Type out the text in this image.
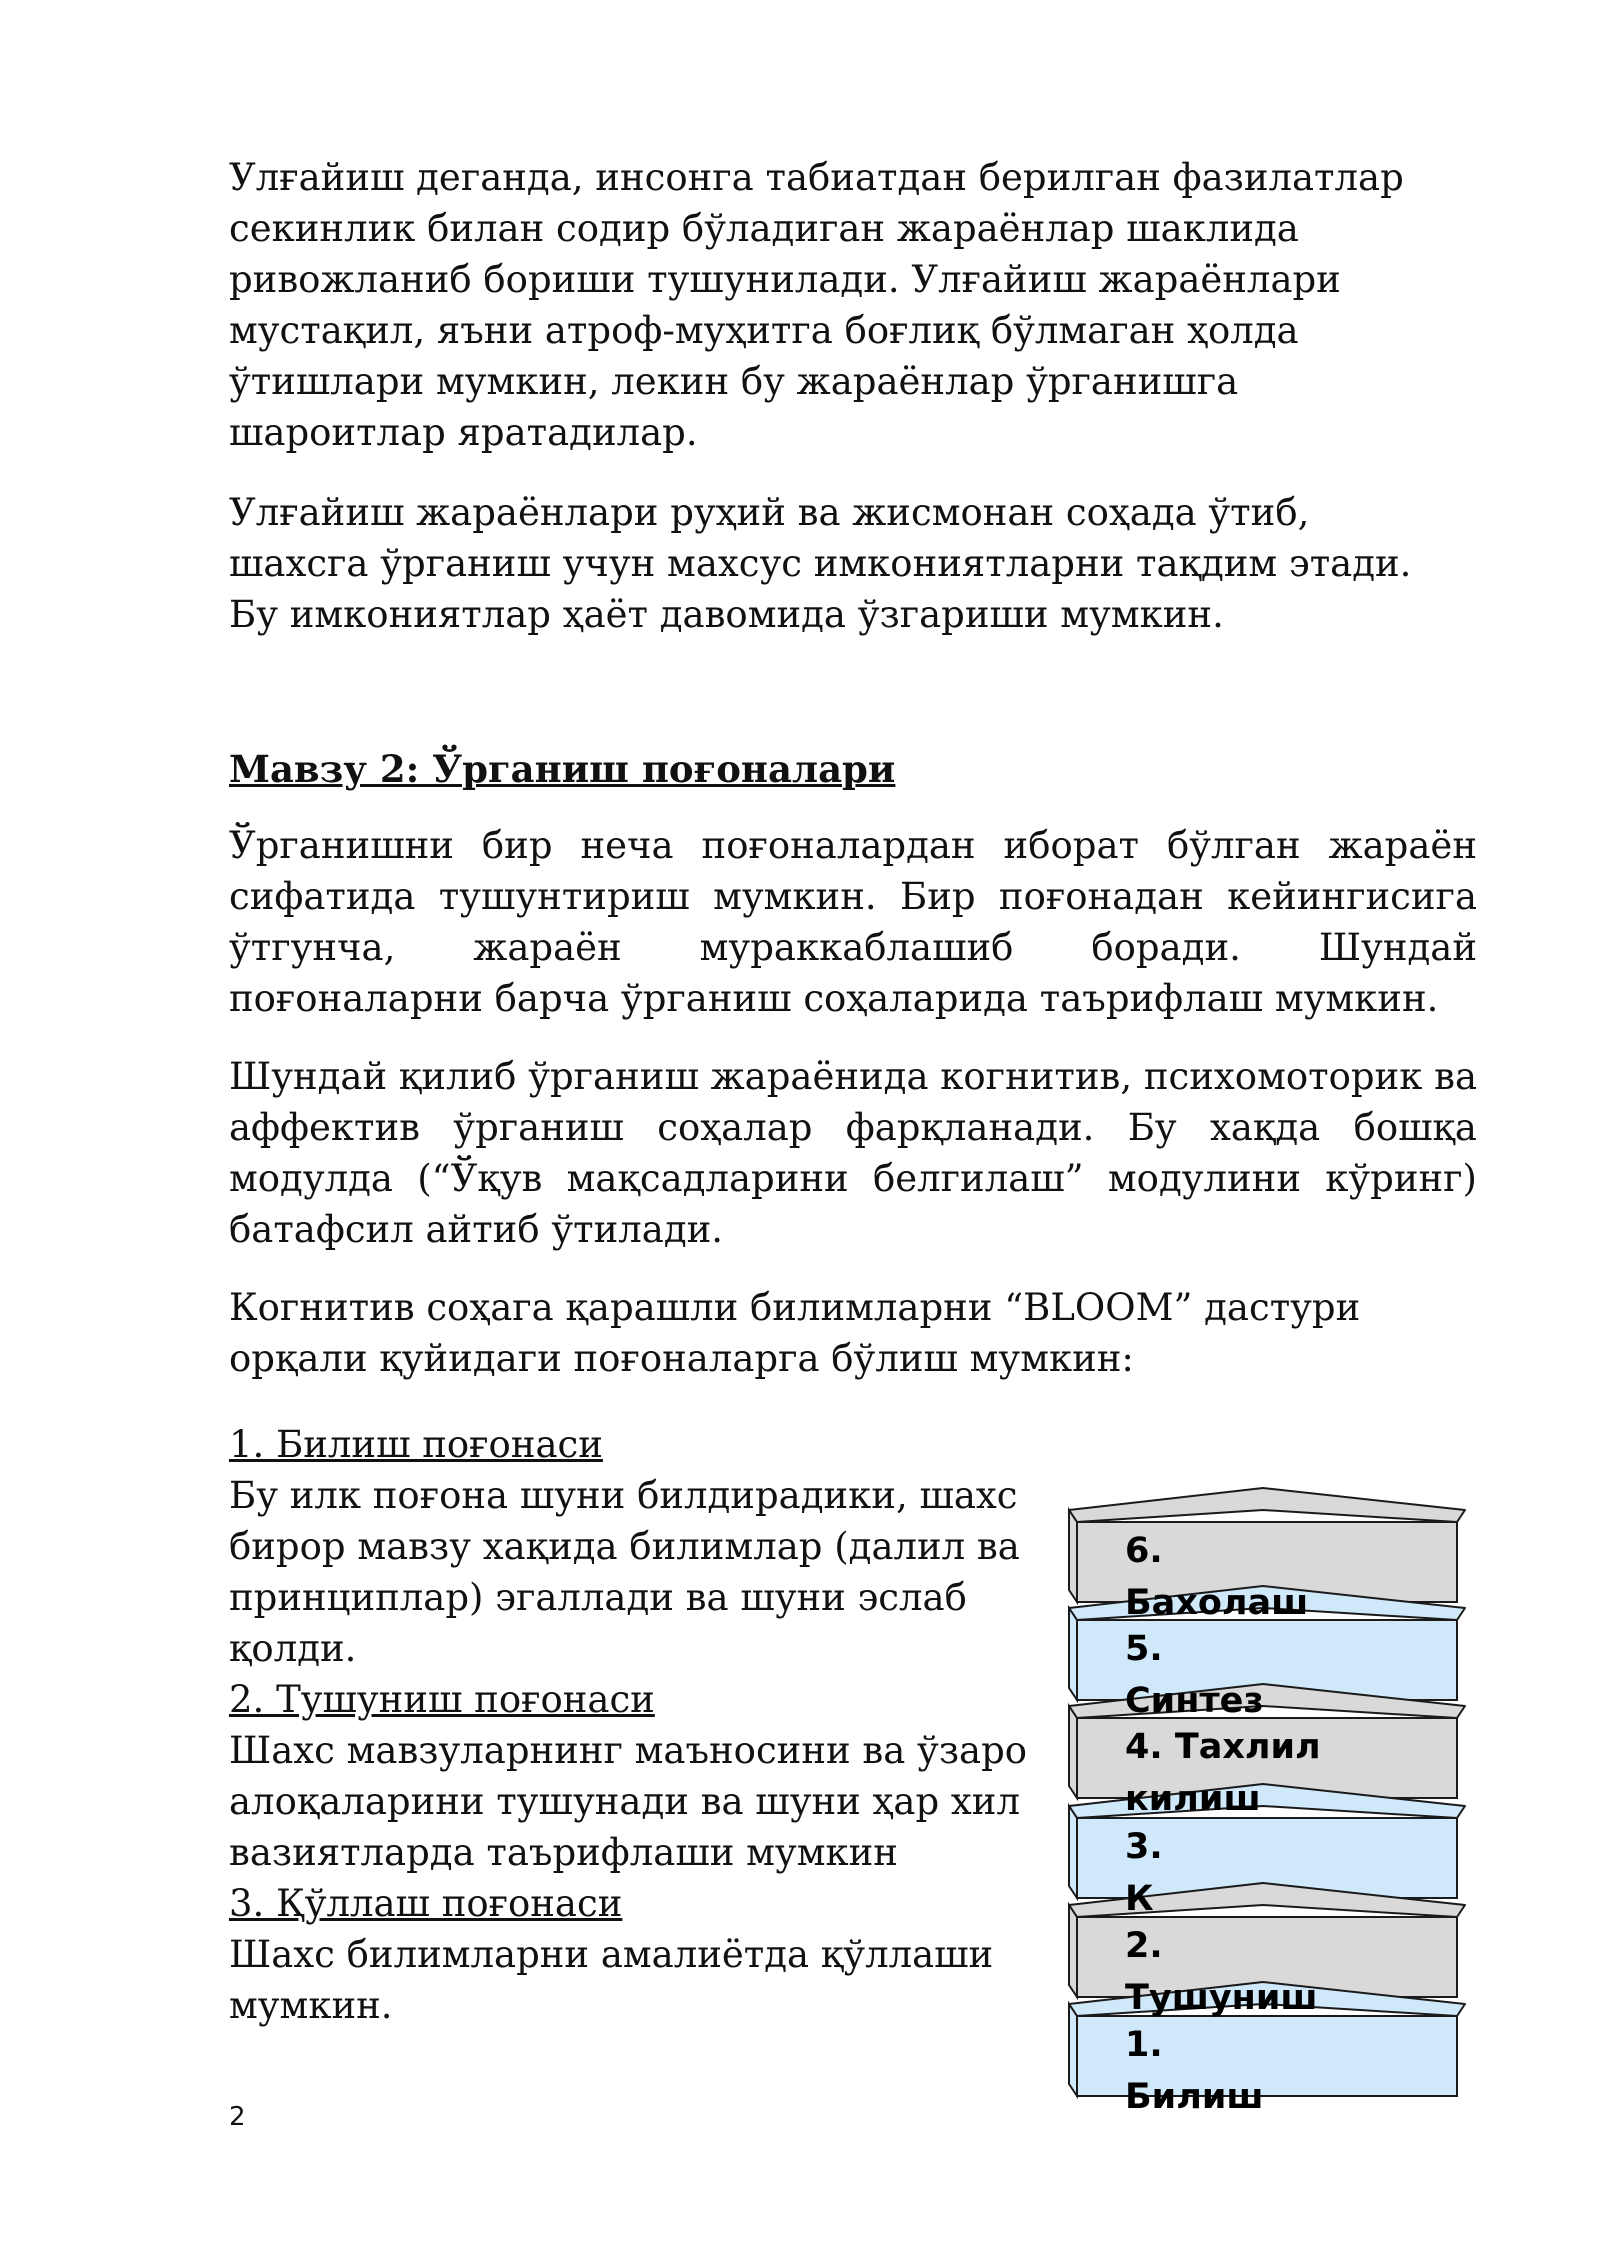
Улғайиш деганда, инсонга табиатдан берилган фазилатлар секинлик билан содир бўладиган жараёнлар шаклида ривожланиб бориши тушунилади. Улғайиш жараёнлари мустақил, яъни атроф-муҳитга боғлиқ бўлмаган ҳолда ўтишлари мумкин, лекин бу жараёнлар ўрганишга шароитлар яратадилар.

Улғайиш жараёнлари руҳий ва жисмонан соҳада ўтиб, шахсга ўрганиш учун махсус имкониятларни тақдим этади. Бу имкониятлар ҳаёт давомида ўзгариши мумкин.

Мавзу 2: Ўрганиш поғоналари

Ўрганишни бир неча поғоналардан иборат бўлган жараён сифатида тушунтириш мумкин. Бир поғонадан кейингисига ўтгунча, жараён мураккаблашиб боради. Шундай поғоналарни барча ўрганиш соҳаларида таърифлаш мумкин.

Шундай қилиб ўрганиш жараёнида когнитив, психомоторик ва аффектив ўрганиш соҳалар фарқланади. Бу хақда бошқа модулда (“Ўқув мақсадларини белгилаш” модулини кўринг) батафсил айтиб ўтилади.

Когнитив соҳага қарашли билимларни “BLOOM” дастури орқали қуйидаги поғоналарга бўлиш мумкин:

1. Билиш поғонаси
Бу илк поғона шуни билдирадики, шахс
бирор мавзу хақида билимлар (далил ва
принциплар) эгаллади ва шуни эслаб
қолди.
2. Тушуниш поғонаси
Шахс мавзуларнинг маъносини ва ўзаро
алоқаларини тушунади ва шуни ҳар хил
вазиятларда таърифлаши мумкин
3. Қўллаш поғонаси
Шахс билимларни амалиётда қўллаши
мумкин.
6. Бахолаш
5. Синтез
4. Тахлил килиш
3. К
2. Тушуниш
1. Билиш
2
